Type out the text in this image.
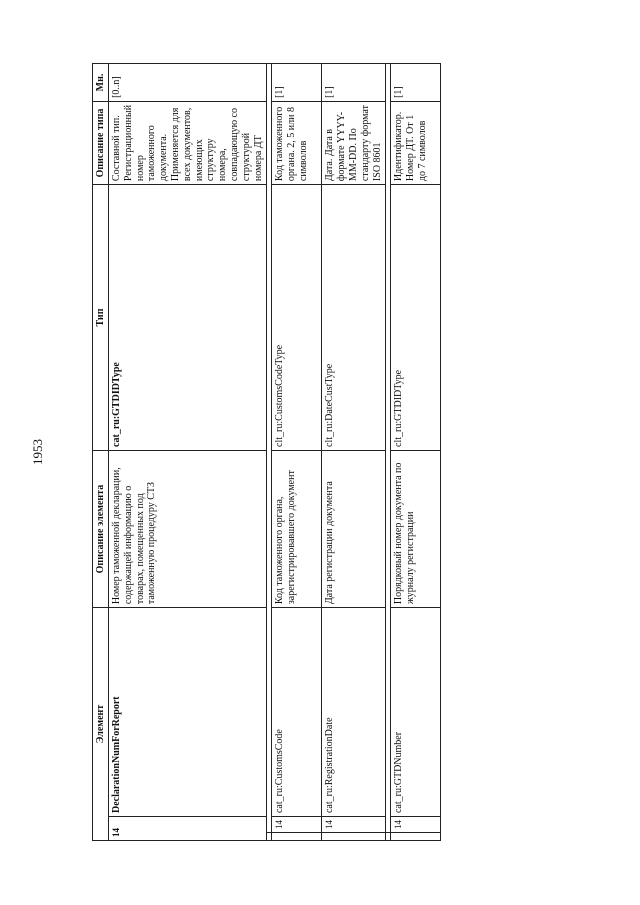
1953
Элемент			Описание элемента	Тип	Описание типа	Мн.
14		DeclarationNumForReport	Номер таможенной декларации, содержащей информацию о товарах, помещенных под таможенную процедуру СТЗ	cat_ru:GTDIDType	Составной тип. Регистрационный номер таможенного документа. Применяется для всех документов, имеющих структуру номера, совпадающую со структурой номера ДТ	[0..n]

	14	cat_ru:CustomsCode	Код таможенного органа, зарегистрировавшего документ	clt_ru:CustomsCodeType	Код таможенного органа. 2, 5 или 8 символов	[1]
	14	cat_ru:RegistrationDate	Дата регистрации документа	clt_ru:DateCustType	Дата. Дата в формате YYYY-MM-DD. По стандарту формат ISO 8601	[1]

	14	cat_ru:GTDNumber	Порядковый номер документа по журналу регистрации	clt_ru:GTDIDType	Идентификатор. Номер ДТ. От 1 до 7 символов	[1]
